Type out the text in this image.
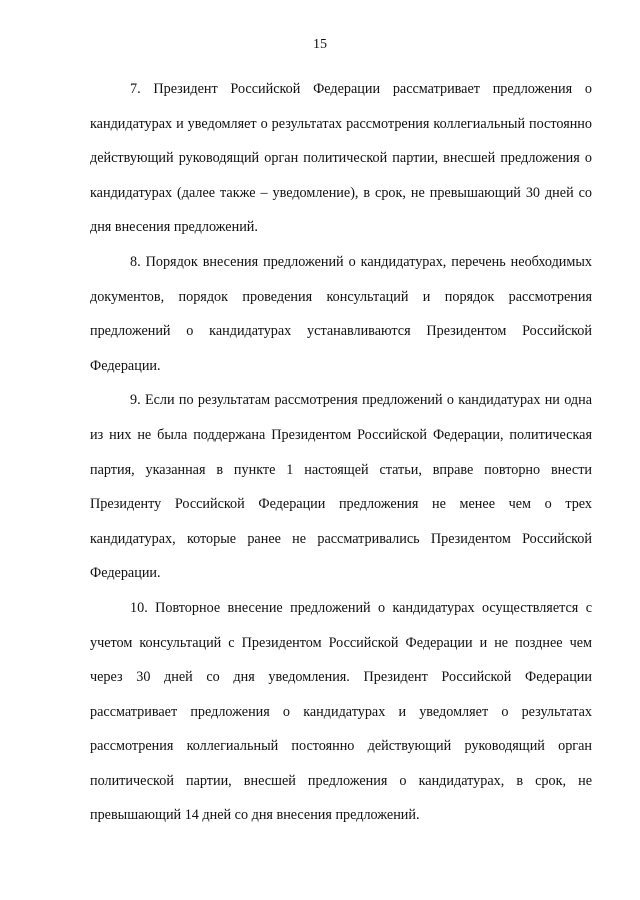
15

7. Президент Российской Федерации рассматривает предложения о кандидатурах и уведомляет о результатах рассмотрения коллегиальный постоянно действующий руководящий орган политической партии, внесшей предложения о кандидатурах (далее также – уведомление), в срок, не превышающий 30 дней со дня внесения предложений.

8. Порядок внесения предложений о кандидатурах, перечень необходимых документов, порядок проведения консультаций и порядок рассмотрения предложений о кандидатурах устанавливаются Президентом Российской Федерации.

9. Если по результатам рассмотрения предложений о кандидатурах ни одна из них не была поддержана Президентом Российской Федерации, политическая партия, указанная в пункте 1 настоящей статьи, вправе повторно внести Президенту Российской Федерации предложения не менее чем о трех кандидатурах, которые ранее не рассматривались Президентом Российской Федерации.

10. Повторное внесение предложений о кандидатурах осуществляется с учетом консультаций с Президентом Российской Федерации и не позднее чем через 30 дней со дня уведомления. Президент Российской Федерации рассматривает предложения о кандидатурах и уведомляет о результатах рассмотрения коллегиальный постоянно действующий руководящий орган политической партии, внесшей предложения о кандидатурах, в срок, не превышающий 14 дней со дня внесения предложений.
